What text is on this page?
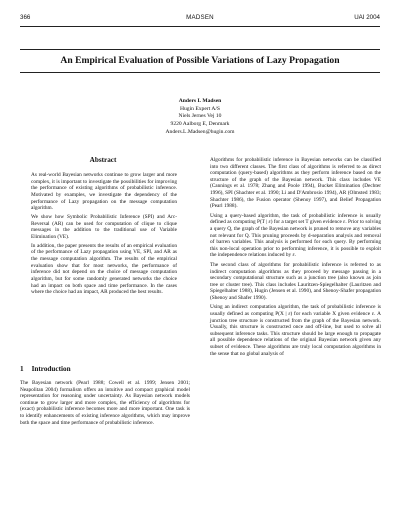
366	MADSEN	UAI 2004
An Empirical Evaluation of Possible Variations of Lazy Propagation
Anders L Madsen
Hugin Expert A/S
Niels Jernes Vej 10
9220 Aalborg E, Denmark
Anders.L.Madsen@hugin.com
Abstract

As real-world Bayesian networks continue to grow larger and more complex, it is important to investigate the possibilities for improving the performance of existing algorithms of probabilistic inference. Motivated by examples, we investigate the dependency of the performance of Lazy propagation on the message computation algorithm.

We show how Symbolic Probabilistic Inference (SPI) and Arc-Reversal (AR) can be used for computation of clique to clique messages in the addition to the traditional use of Variable Elimination (VE).

In addition, the paper presents the results of an empirical evaluation of the performance of Lazy propagation using VE, SPI, and AR as the message computation algorithm. The results of the empirical evaluation show that for most networks, the performance of inference did not depend on the choice of message computation algorithm, but for some randomly generated networks the choice had an impact on both space and time performance. In the cases where the choice had an impact, AR produced the best results.

1 Introduction

The Bayesian network (Pearl 1988; Cowell et al. 1999; Jensen 2001; Neapolitan 2004) formalism offers an intuitive and compact graphical model representation for reasoning under uncertainty. As Bayesian network models continue to grow larger and more complex, the efficiency of algorithms for (exact) probabilistic inference becomes more and more important. One task is to identify enhancements of existing inference algorithms, which may improve both the space and time performance of probabilistic inference.

Algorithms for probabilistic inference in Bayesian networks can be classified into two different classes. The first class of algorithms is referred to as direct computation (query-based) algorithms as they perform inference based on the structure of the graph of the Bayesian network. This class includes VE (Cannings et al. 1978; Zhang and Poole 1994), Bucket Elimination (Dechter 1996), SPI (Shachter et al. 1990; Li and D'Ambrosio 1994), AR (Olmsted 1983; Shachter 1986), the Fusion operator (Shenoy 1997), and Belief Propagation (Pearl 1988).

Using a query-based algorithm, the task of probabilistic inference is usually defined as computing P(T | ε) for a target set T given evidence ε. Prior to solving a query Q, the graph of the Bayesian network is pruned to remove any variables not relevant for Q. This pruning proceeds by d-separation analysis and removal of barren variables. This analysis is performed for each query. By performing this non-local operation prior to performing inference, it is possible to exploit the independence relations induced by ε.

The second class of algorithms for probabilistic inference is referred to as indirect computation algorithms as they proceed by message passing in a secondary computational structure such as a junction tree (also known as join tree or cluster tree). This class includes Lauritzen-Spiegelhalter (Lauritzen and Spiegelhalter 1988), Hugin (Jensen et al. 1990), and Shenoy-Shafer propagation (Shenoy and Shafer 1990).

Using an indirect computation algorithm, the task of probabilistic inference is usually defined as computing P(X | ε) for each variable X given evidence ε. A junction tree structure is constructed from the graph of the Bayesian network. Usually, this structure is constructed once and off-line, but used to solve all subsequent inference tasks. This structure should be large enough to propagate all possible dependence relations of the original Bayesian network given any subset of evidence. These algorithms are truly local computation algorithms in the sense that no global analysis of
